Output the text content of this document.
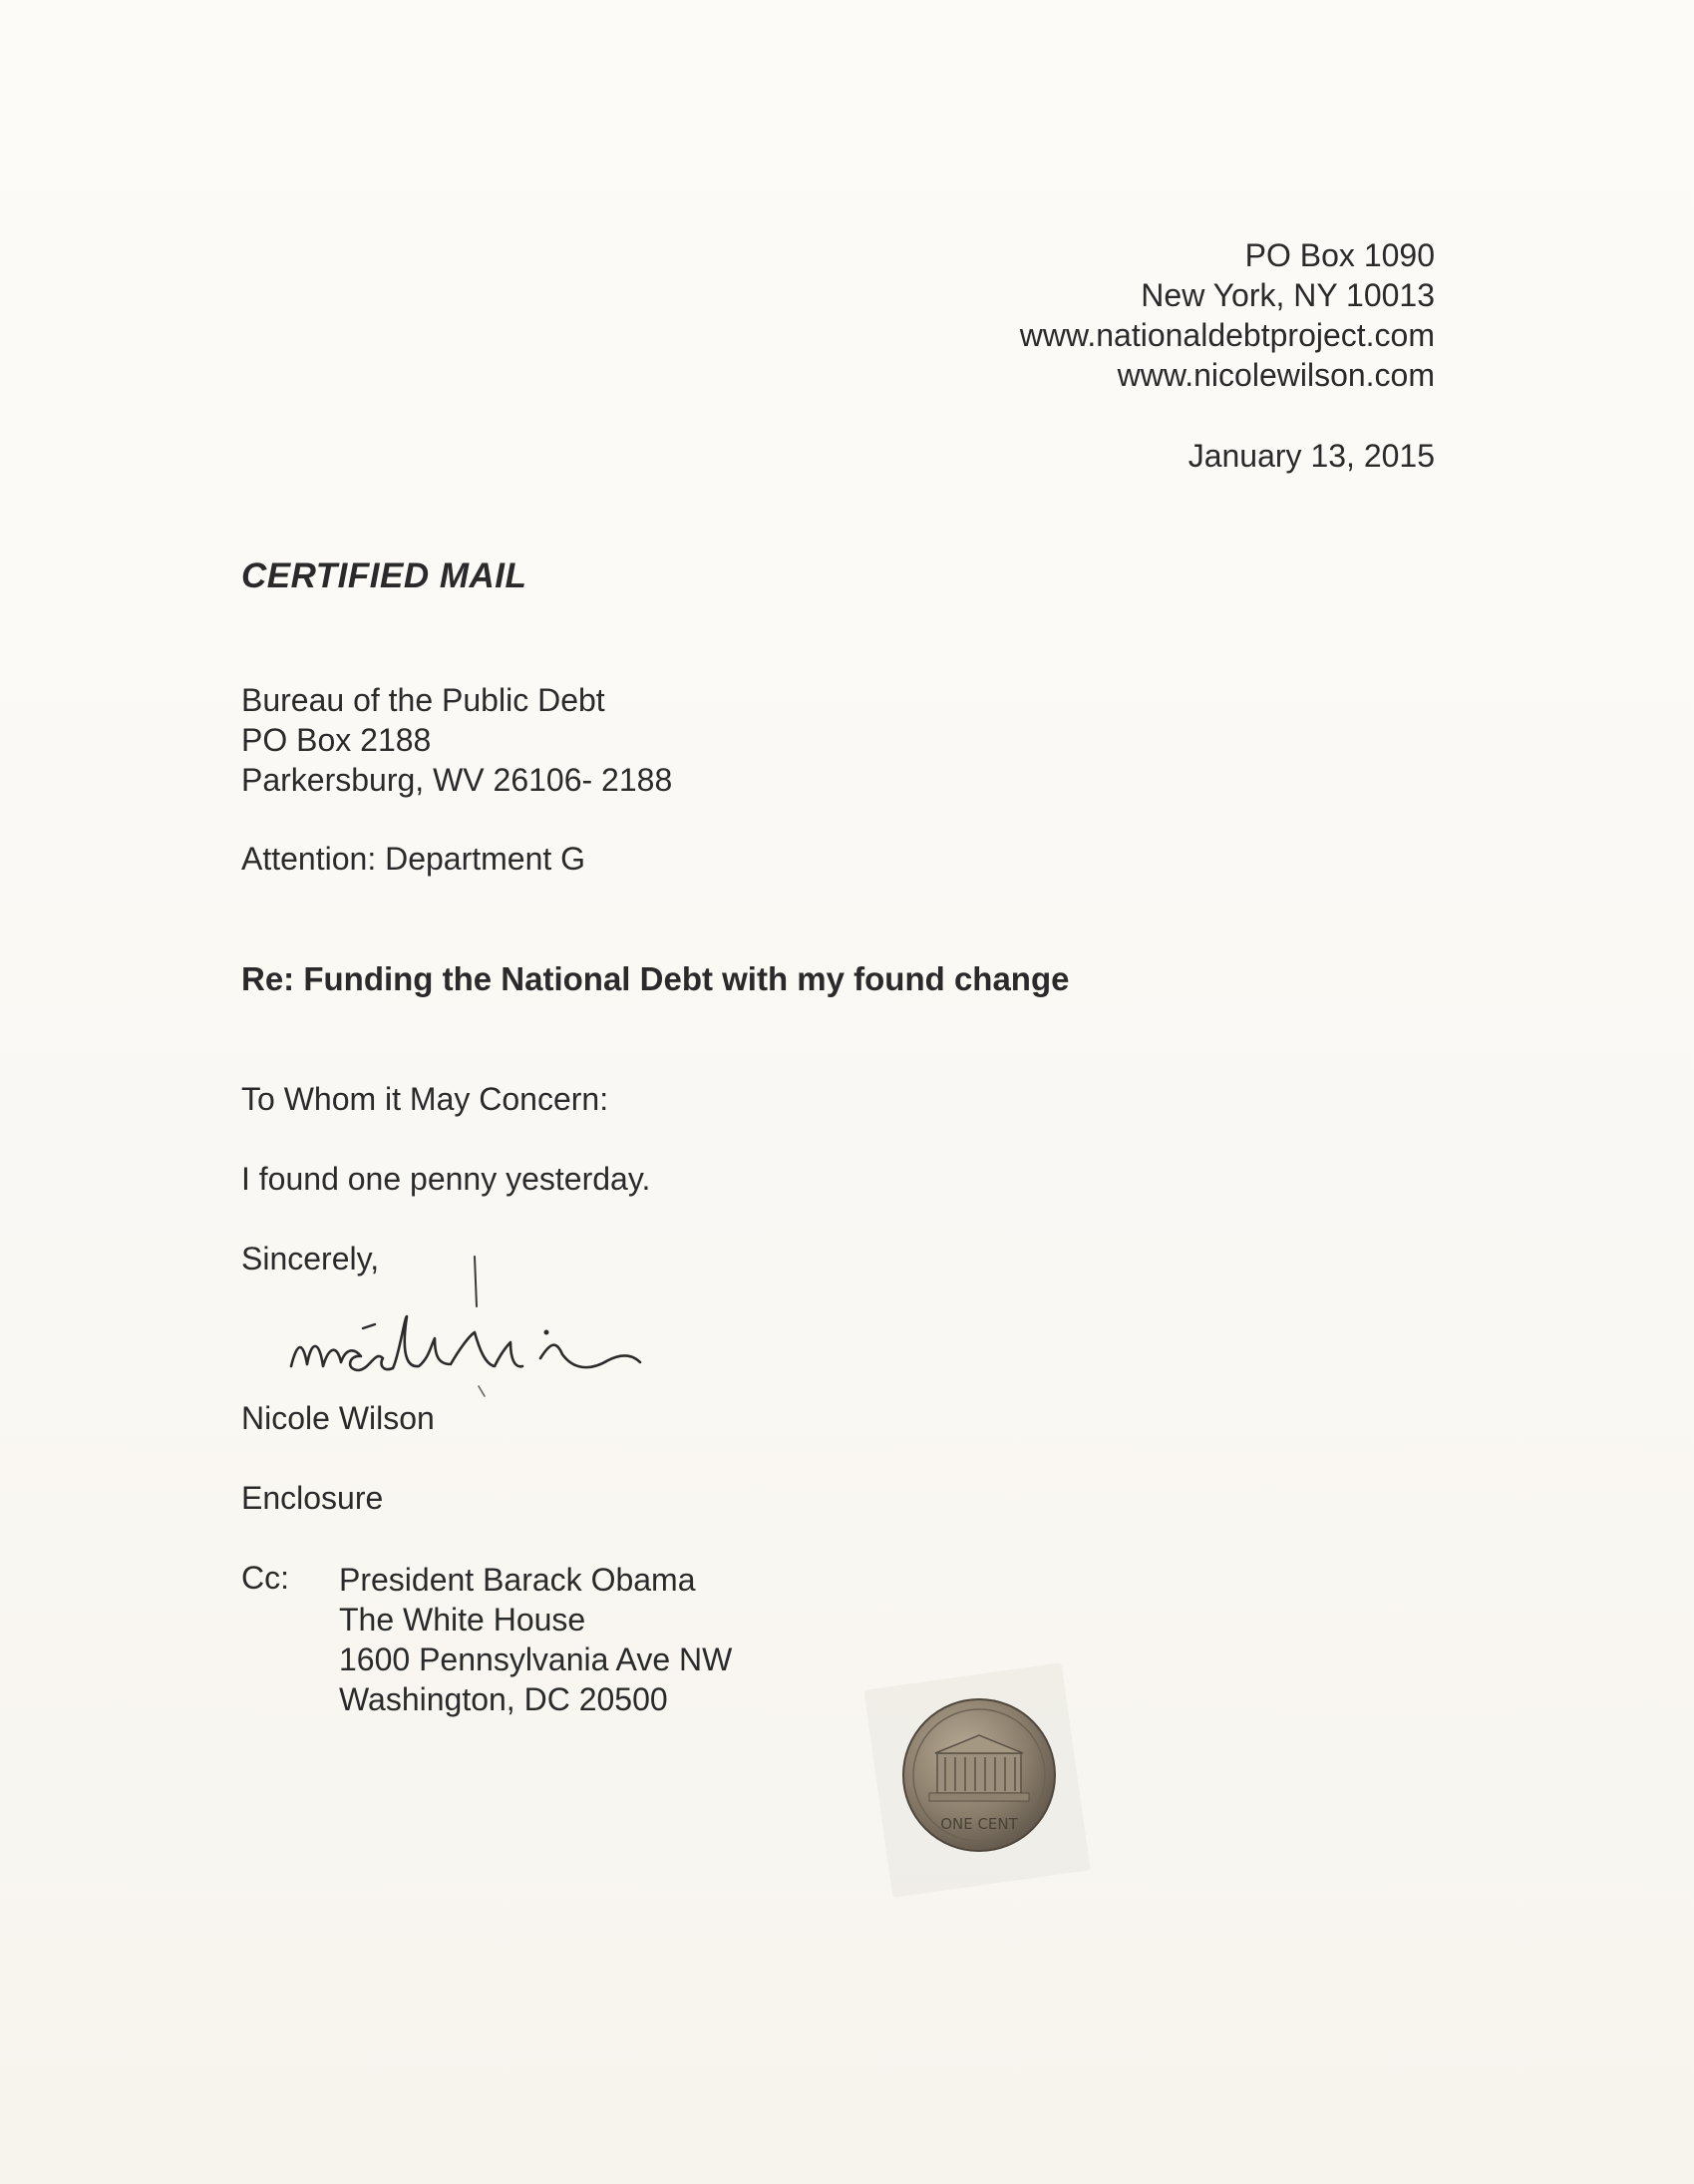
PO Box 1090
New York, NY 10013
www.nationaldebtproject.com
www.nicolewilson.com
January 13, 2015
CERTIFIED MAIL
Bureau of the Public Debt
PO Box 2188
Parkersburg, WV 26106- 2188
Attention: Department G
Re: Funding the National Debt with my found change
To Whom it May Concern:
I found one penny yesterday.
Sincerely,
Nicole Wilson
Enclosure
Cc: President Barack Obama
The White House
1600 Pennsylvania Ave NW
Washington, DC 20500
ONE CENT
